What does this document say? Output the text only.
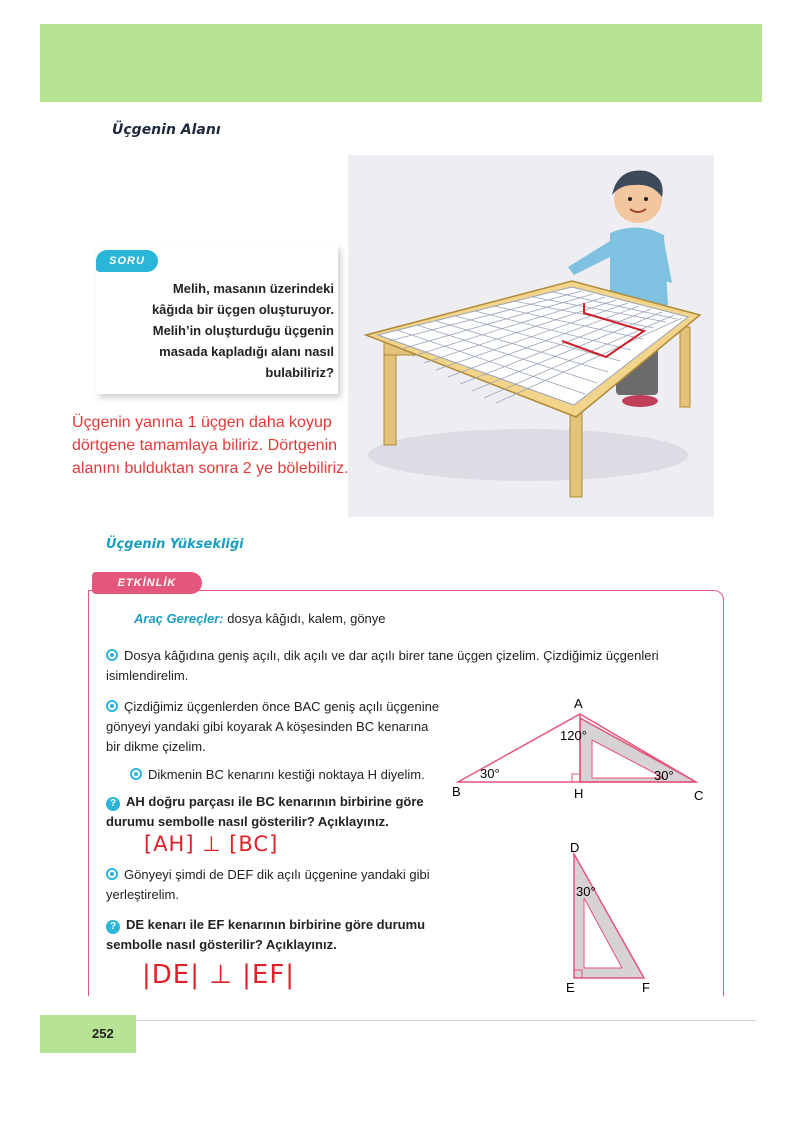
Üçgenin Alanı
SORU
Melih, masanın üzerindeki
kâğıda bir üçgen oluşturuyor.
Melih’in oluşturduğu üçgenin
masada kapladığı alanı nasıl
bulabiliriz?
Üçgenin yanına 1 üçgen daha koyup
dörtgene tamamlaya biliriz. Dörtgenin
alanını bulduktan sonra 2 ye bölebiliriz.
Üçgenin Yüksekliği
ETKİNLİK
Araç Gereçler: dosya kâğıdı, kalem, gönye
Dosya kâğıdına geniş açılı, dik açılı ve dar açılı birer tane üçgen çizelim. Çizdiğimiz üçgenleri isimlendirelim.
Çizdiğimiz üçgenlerden önce BAC geniş açılı üçgenine gönyeyi yandaki gibi koyarak A köşesinden BC kenarına bir dikme çizelim.
Dikmenin BC kenarını kestiği noktaya H diyelim.
? AH doğru parçası ile BC kenarının birbirine göre durumu sembolle nasıl gösterilir? Açıklayınız.
[AH] ⊥ [BC]
Gönyeyi şimdi de DEF dik açılı üçgenine yandaki gibi yerleştirelim.
? DE kenarı ile EF kenarının birbirine göre durumu sembolle nasıl gösterilir? Açıklayınız.
|DE| ⊥ |EF|
A
B	C
H
120°
30°	30°
D
E	F
30°
252
